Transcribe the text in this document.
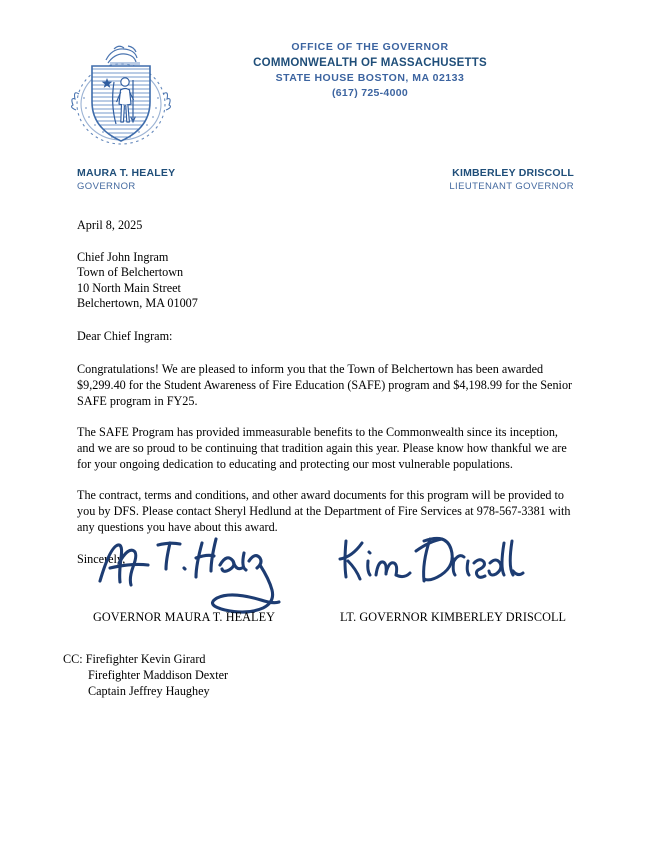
OFFICE OF THE GOVERNOR
COMMONWEALTH OF MASSACHUSETTS
STATE HOUSE BOSTON, MA 02133
(617) 725-4000
MAURA T. HEALEY
GOVERNOR
KIMBERLEY DRISCOLL
LIEUTENANT GOVERNOR
April 8, 2025
Chief John Ingram
Town of Belchertown
10 North Main Street
Belchertown, MA 01007
Dear Chief Ingram:
Congratulations! We are pleased to inform you that the Town of Belchertown has been awarded $9,299.40 for the Student Awareness of Fire Education (SAFE) program and $4,198.99 for the Senior SAFE program in FY25.
The SAFE Program has provided immeasurable benefits to the Commonwealth since its inception, and we are so proud to be continuing that tradition again this year. Please know how thankful we are for your ongoing dedication to educating and protecting our most vulnerable populations.
The contract, terms and conditions, and other award documents for this program will be provided to you by DFS. Please contact Sheryl Hedlund at the Department of Fire Services at 978-567-3381 with any questions you have about this award.
Sincerely,
GOVERNOR MAURA T. HEALEY	LT. GOVERNOR KIMBERLEY DRISCOLL
CC: Firefighter Kevin Girard
Firefighter Maddison Dexter
Captain Jeffrey Haughey
